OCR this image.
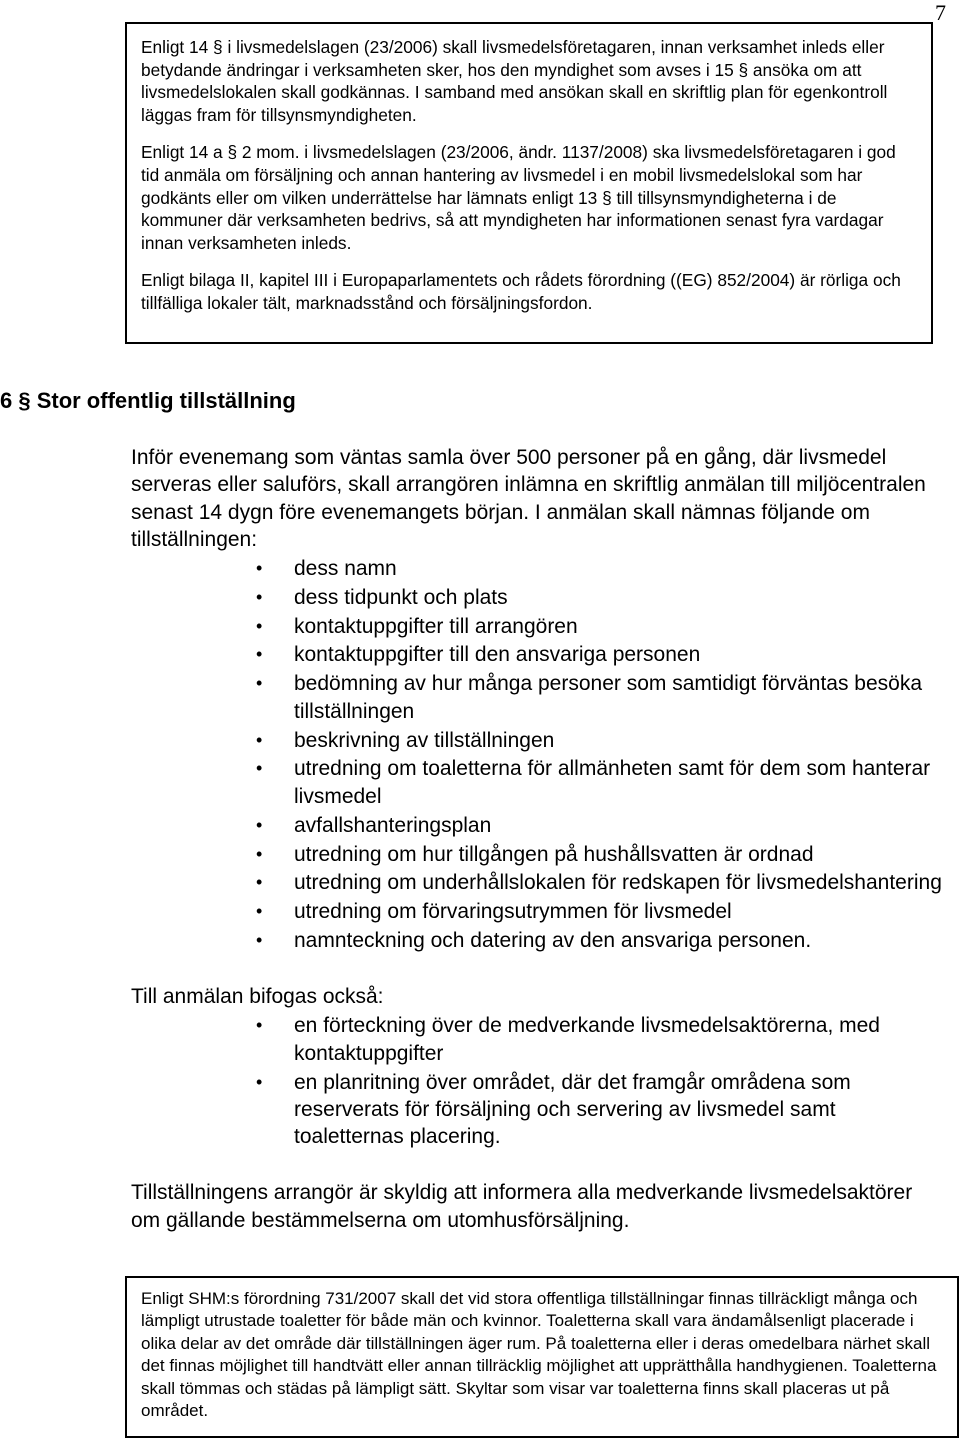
7

Enligt 14 § i livsmedelslagen (23/2006) skall livsmedelsföretagaren, innan verksamhet inleds eller betydande ändringar i verksamheten sker, hos den myndighet som avses i 15 § ansöka om att livsmedelslokalen skall godkännas. I samband med ansökan skall en skriftlig plan för egenkontroll läggas fram för tillsynsmyndigheten.

Enligt 14 a § 2 mom. i livsmedelslagen (23/2006, ändr. 1137/2008) ska livsmedelsföretagaren i god tid anmäla om försäljning och annan hantering av livsmedel i en mobil livsmedelslokal som har godkänts eller om vilken underrättelse har lämnats enligt 13 § till tillsynsmyndigheterna i de kommuner där verksamheten bedrivs, så att myndigheten har informationen senast fyra vardagar innan verksamheten inleds.

Enligt bilaga II, kapitel III i Europaparlamentets och rådets förordning ((EG) 852/2004) är rörliga och tillfälliga lokaler tält, marknadsstånd och försäljningsfordon.

6 § Stor offentlig tillställning

Inför evenemang som väntas samla över 500 personer på en gång, där livsmedel serveras eller saluförs, skall arrangören inlämna en skriftlig anmälan till miljöcentralen senast 14 dygn före evenemangets början. I anmälan skall nämnas följande om tillställningen:

• dess namn
• dess tidpunkt och plats
• kontaktuppgifter till arrangören
• kontaktuppgifter till den ansvariga personen
• bedömning av hur många personer som samtidigt förväntas besöka tillställningen
• beskrivning av tillställningen
• utredning om toaletterna för allmänheten samt för dem som hanterar livsmedel
• avfallshanteringsplan
• utredning om hur tillgången på hushållsvatten är ordnad
• utredning om underhållslokalen för redskapen för livsmedelshantering
• utredning om förvaringsutrymmen för livsmedel
• namnteckning och datering av den ansvariga personen.

Till anmälan bifogas också:

• en förteckning över de medverkande livsmedelsaktörerna, med kontaktuppgifter
• en planritning över området, där det framgår områdena som reserverats för försäljning och servering av livsmedel samt toaletternas placering.

Tillställningens arrangör är skyldig att informera alla medverkande livsmedelsaktörer om gällande bestämmelserna om utomhusförsäljning.

Enligt SHM:s förordning 731/2007 skall det vid stora offentliga tillställningar finnas tillräckligt många och lämpligt utrustade toaletter för både män och kvinnor. Toaletterna skall vara ändamålsenligt placerade i olika delar av det område där tillställningen äger rum. På toaletterna eller i deras omedelbara närhet skall det finnas möjlighet till handtvätt eller annan tillräcklig möjlighet att upprätthålla handhygienen. Toaletterna skall tömmas och städas på lämpligt sätt. Skyltar som visar var toaletterna finns skall placeras ut på området.
